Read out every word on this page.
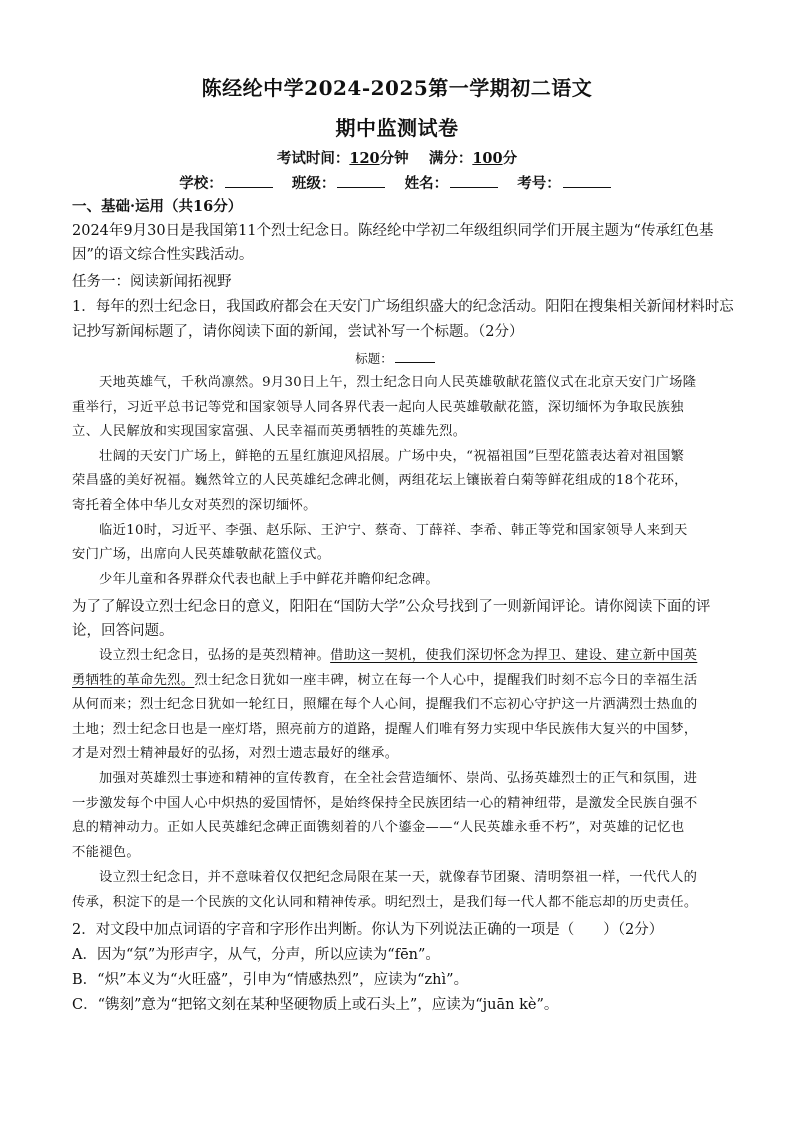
陈经纶中学2024-2025第一学期初二语文
期中监测试卷
考试时间：120分钟 满分：100分
学校：	班级：	姓名：	考号：
一、基础·运用（共16分）
2024年9月30日是我国第11个烈士纪念日。陈经纶中学初二年级组织同学们开展主题为“传承红色基
因”的语文综合性实践活动。
任务一：阅读新闻拓视野
1．每年的烈士纪念日，我国政府都会在天安门广场组织盛大的纪念活动。阳阳在搜集相关新闻材料时忘
记抄写新闻标题了，请你阅读下面的新闻，尝试补写一个标题。（2分）
标题：
天地英雄气，千秋尚凛然。9月30日上午，烈士纪念日向人民英雄敬献花篮仪式在北京天安门广场隆
重举行，习近平总书记等党和国家领导人同各界代表一起向人民英雄敬献花篮，深切缅怀为争取民族独
立、人民解放和实现国家富强、人民幸福而英勇牺牲的英雄先烈。
壮阔的天安门广场上，鲜艳的五星红旗迎风招展。广场中央，“祝福祖国”巨型花篮表达着对祖国繁
荣昌盛的美好祝福。巍然耸立的人民英雄纪念碑北侧，两组花坛上镶嵌着白菊等鲜花组成的18个花环，
寄托着全体中华儿女对英烈的深切缅怀。
临近10时，习近平、李强、赵乐际、王沪宁、蔡奇、丁薛祥、李希、韩正等党和国家领导人来到天
安门广场，出席向人民英雄敬献花篮仪式。
少年儿童和各界群众代表也献上手中鲜花并瞻仰纪念碑。
为了了解设立烈士纪念日的意义，阳阳在“国防大学”公众号找到了一则新闻评论。请你阅读下面的评
论，回答问题。
设立烈士纪念日，弘扬的是英烈精神。借助这一契机，使我们深切怀念为捍卫、建设、建立新中国英
勇牺牲的革命先烈。烈士纪念日犹如一座丰碑，树立在每一个人心中，提醒我们时刻不忘今日的幸福生活
从何而来；烈士纪念日犹如一轮红日，照耀在每个人心间，提醒我们不忘初心守护这一片洒满烈士热血的
土地；烈士纪念日也是一座灯塔，照亮前方的道路，提醒人们唯有努力实现中华民族伟大复兴的中国梦，
才是对烈士精神最好的弘扬，对烈士遗志最好的继承。
加强对英雄烈士事迹和精神的宣传教育，在全社会营造缅怀、崇尚、弘扬英雄烈士的正气和氛围，进
一步激发每个中国人心中炽热的爱国情怀，是始终保持全民族团结一心的精神纽带，是激发全民族自强不
息的精神动力。正如人民英雄纪念碑正面镌刻着的八个鎏金——“人民英雄永垂不朽”，对英雄的记忆也
不能褪色。
设立烈士纪念日，并不意味着仅仅把纪念局限在某一天，就像春节团聚、清明祭祖一样，一代代人的
传承，积淀下的是一个民族的文化认同和精神传承。明纪烈士，是我们每一代人都不能忘却的历史责任。
2．对文段中加点词语的字音和字形作出判断。你认为下列说法正确的一项是（　　）（2分）
A．因为“氛”为形声字，从气，分声，所以应读为“fēn”。
B．“炽”本义为“火旺盛”，引申为“情感热烈”，应读为“zhì”。
C．“镌刻”意为“把铭文刻在某种坚硬物质上或石头上”，应读为“juān kè”。
